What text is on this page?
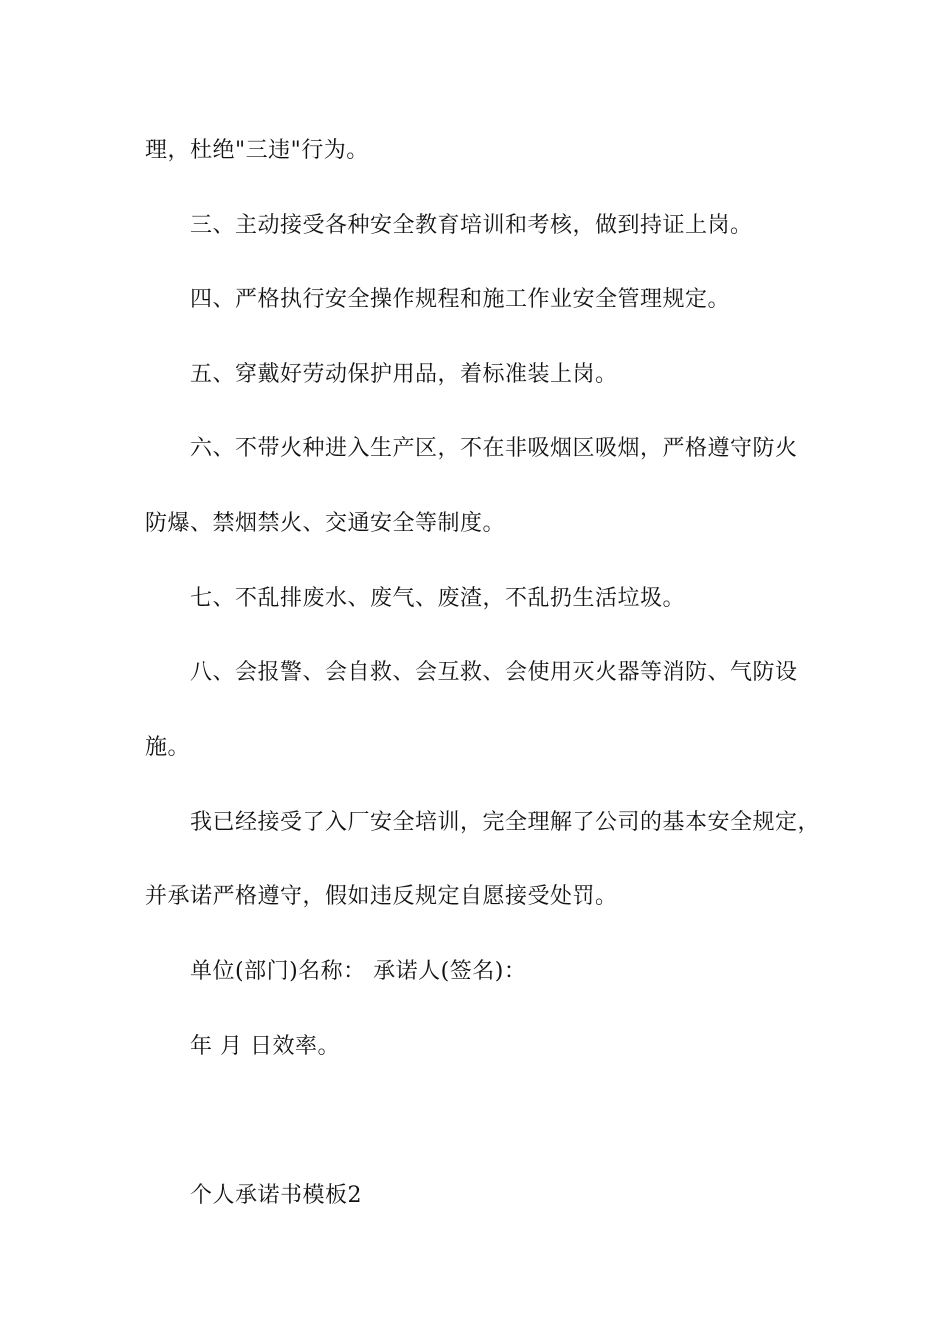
理，杜绝"三违"行为。
三、主动接受各种安全教育培训和考核，做到持证上岗。
四、严格执行安全操作规程和施工作业安全管理规定。
五、穿戴好劳动保护用品，着标准装上岗。
六、不带火种进入生产区，不在非吸烟区吸烟，严格遵守防火
防爆、禁烟禁火、交通安全等制度。
七、不乱排废水、废气、废渣，不乱扔生活垃圾。
八、会报警、会自救、会互救、会使用灭火器等消防、气防设
施。
我已经接受了入厂安全培训，完全理解了公司的基本安全规定，
并承诺严格遵守，假如违反规定自愿接受处罚。
单位(部门)名称： 承诺人(签名)：
年 月 日效率。
个人承诺书模板2
